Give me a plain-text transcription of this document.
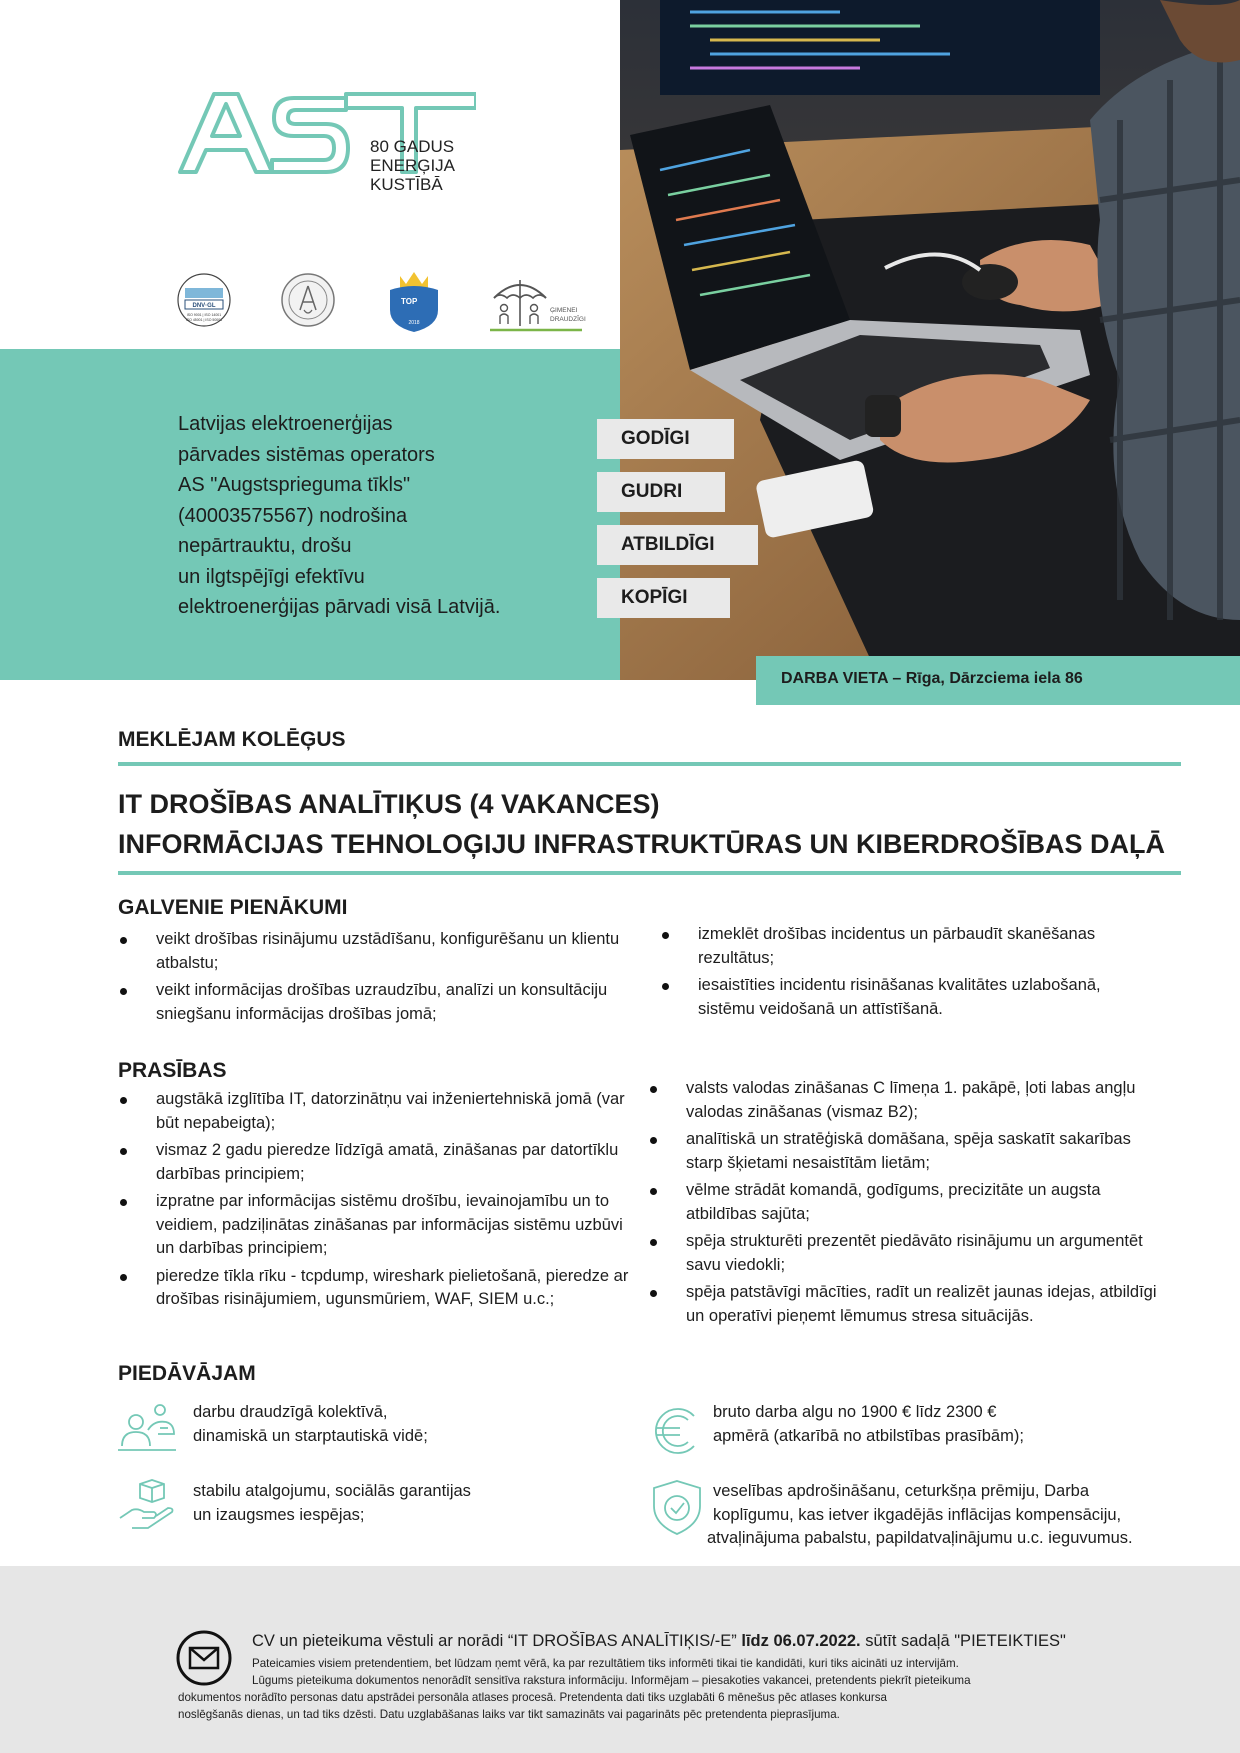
80 GADUS
ENERĢIJA
KUSTĪBĀ
DNV·GL
ISO 9001 | ISO 14001
ISO 45001 | ISO 50001
TOP
2018
ĢIMENEI
DRAUDZĪGI
Latvijas elektroenerģijas
pārvades sistēmas operators
AS "Augstsprieguma tīkls"
(40003575567) nodrošina
nepārtrauktu, drošu
un ilgtspējīgi efektīvu
elektroenerģijas pārvadi visā Latvijā.
GODĪGI
GUDRI
ATBILDĪGI
KOPĪGI
DARBA VIETA – Rīga, Dārzciema iela 86
MEKLĒJAM KOLĒĢUS
IT DROŠĪBAS ANALĪTIĶUS (4 VAKANCES)
INFORMĀCIJAS TEHNOLOĢIJU INFRASTRUKTŪRAS UN KIBERDROŠĪBAS DAĻĀ
GALVENIE PIENĀKUMI
veikt drošības risinājumu uzstādīšanu, konfigurēšanu un klientu atbalstu;
veikt informācijas drošības uzraudzību, analīzi un konsultāciju sniegšanu informācijas drošības jomā;
izmeklēt drošības incidentus un pārbaudīt skanēšanas rezultātus;
iesaistīties incidentu risināšanas kvalitātes uzlabošanā, sistēmu veidošanā un attīstīšanā.
PRASĪBAS
augstākā izglītība IT, datorzinātņu vai inženiertehniskā jomā (var būt nepabeigta);
vismaz 2 gadu pieredze līdzīgā amatā, zināšanas par datortīklu darbības principiem;
izpratne par informācijas sistēmu drošību, ievainojamību un to veidiem, padziļinātas zināšanas par informācijas sistēmu uzbūvi un darbības principiem;
pieredze tīkla rīku - tcpdump, wireshark pielietošanā, pieredze ar drošības risinājumiem, ugunsmūriem, WAF, SIEM u.c.;
valsts valodas zināšanas C līmeņa 1. pakāpē, ļoti labas angļu valodas zināšanas (vismaz B2);
analītiskā un stratēģiskā domāšana, spēja saskatīt sakarības starp šķietami nesaistītām lietām;
vēlme strādāt komandā, godīgums, precizitāte un augsta atbildības sajūta;
spēja strukturēti prezentēt piedāvāto risinājumu un argumentēt savu viedokli;
spēja patstāvīgi mācīties, radīt un realizēt jaunas idejas, atbildīgi un operatīvi pieņemt lēmumus stresa situācijās.
PIEDĀVĀJAM
darbu draudzīgā kolektīvā,
dinamiskā un starptautiskā vidē;
bruto darba algu no 1900 € līdz 2300 €
apmērā (atkarībā no atbilstības prasībām);
stabilu atalgojumu, sociālās garantijas
un izaugsmes iespējas;
veselības apdrošināšanu, ceturkšņa prēmiju, Darba
koplīgumu, kas ietver ikgadējās inflācijas kompensāciju,
atvaļinājuma pabalstu, papildatvaļinājumu u.c. ieguvumus.
CV un pieteikuma vēstuli ar norādi “IT DROŠĪBAS ANALĪTIĶIS/-E” līdz 06.07.2022. sūtīt sadaļā "PIETEIKTIES"
Pateicamies visiem pretendentiem, bet lūdzam ņemt vērā, ka par rezultātiem tiks informēti tikai tie kandidāti, kuri tiks aicināti uz intervijām.
Lūgums pieteikuma dokumentos nenorādīt sensitīva rakstura informāciju. Informējam – piesakoties vakancei, pretendents piekrīt pieteikuma
dokumentos norādīto personas datu apstrādei personāla atlases procesā. Pretendenta dati tiks uzglabāti 6 mēnešus pēc atlases konkursa
noslēgšanās dienas, un tad tiks dzēsti. Datu uzglabāšanas laiks var tikt samazināts vai pagarināts pēc pretendenta pieprasījuma.
